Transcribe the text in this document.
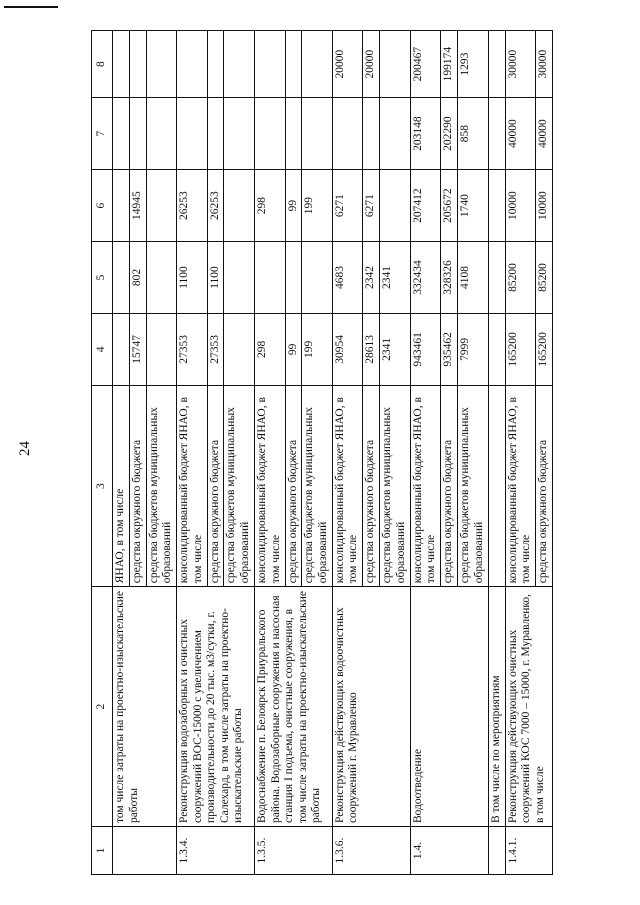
24
1	2	3	4	5	6	7	8
	том числе затраты на проектно-изыскательские работы	ЯНАО, в том числе					
		средства окружного бюджета	15747	802	14945		
		средства бюджетов муниципальных образований					
1.3.4.	Реконструкция водозаборных и очистных сооружений ВОС-15000 с увеличением производительности до 20 тыс. м3/сутки, г. Салехард, в том числе затраты на проектно-изыскательские работы	консолидированный бюджет ЯНАО, в том числе	27353	1100	26253		
		средства окружного бюджета	27353	1100	26253		
		средства бюджетов муниципальных образований					
1.3.5.	Водоснабжение п. Белоярск Приуральского района. Водозаборные сооружения и насосная станция I подъема, очистные сооружения, в том числе затраты на проектно-изыскательские работы	консолидированный бюджет ЯНАО, в том числе	298		298		
		средства окружного бюджета	99		99		
		средства бюджетов муниципальных образований	199		199		
1.3.6.	Реконструкция действующих водоочистных сооружений г. Муравленко	консолидированный бюджет ЯНАО, в том числе	30954	4683	6271		20000
		средства окружного бюджета	28613	2342	6271		20000
		средства бюджетов муниципальных образований	2341	2341			
1.4.	Водоотведение	консолидированный бюджет ЯНАО, в том числе	943461	332434	207412	203148	200467
		средства окружного бюджета	935462	328326	205672	202290	199174
		средства бюджетов муниципальных образований	7999	4108	1740	858	1293
	В том числе по мероприятиям						
1.4.1.	Реконструкция действующих очистных сооружений КОС 7000 – 15000, г. Муравленко, в том числе	консолидированный бюджет ЯНАО, в том числе	165200	85200	10000	40000	30000
		средства окружного бюджета	165200	85200	10000	40000	30000
